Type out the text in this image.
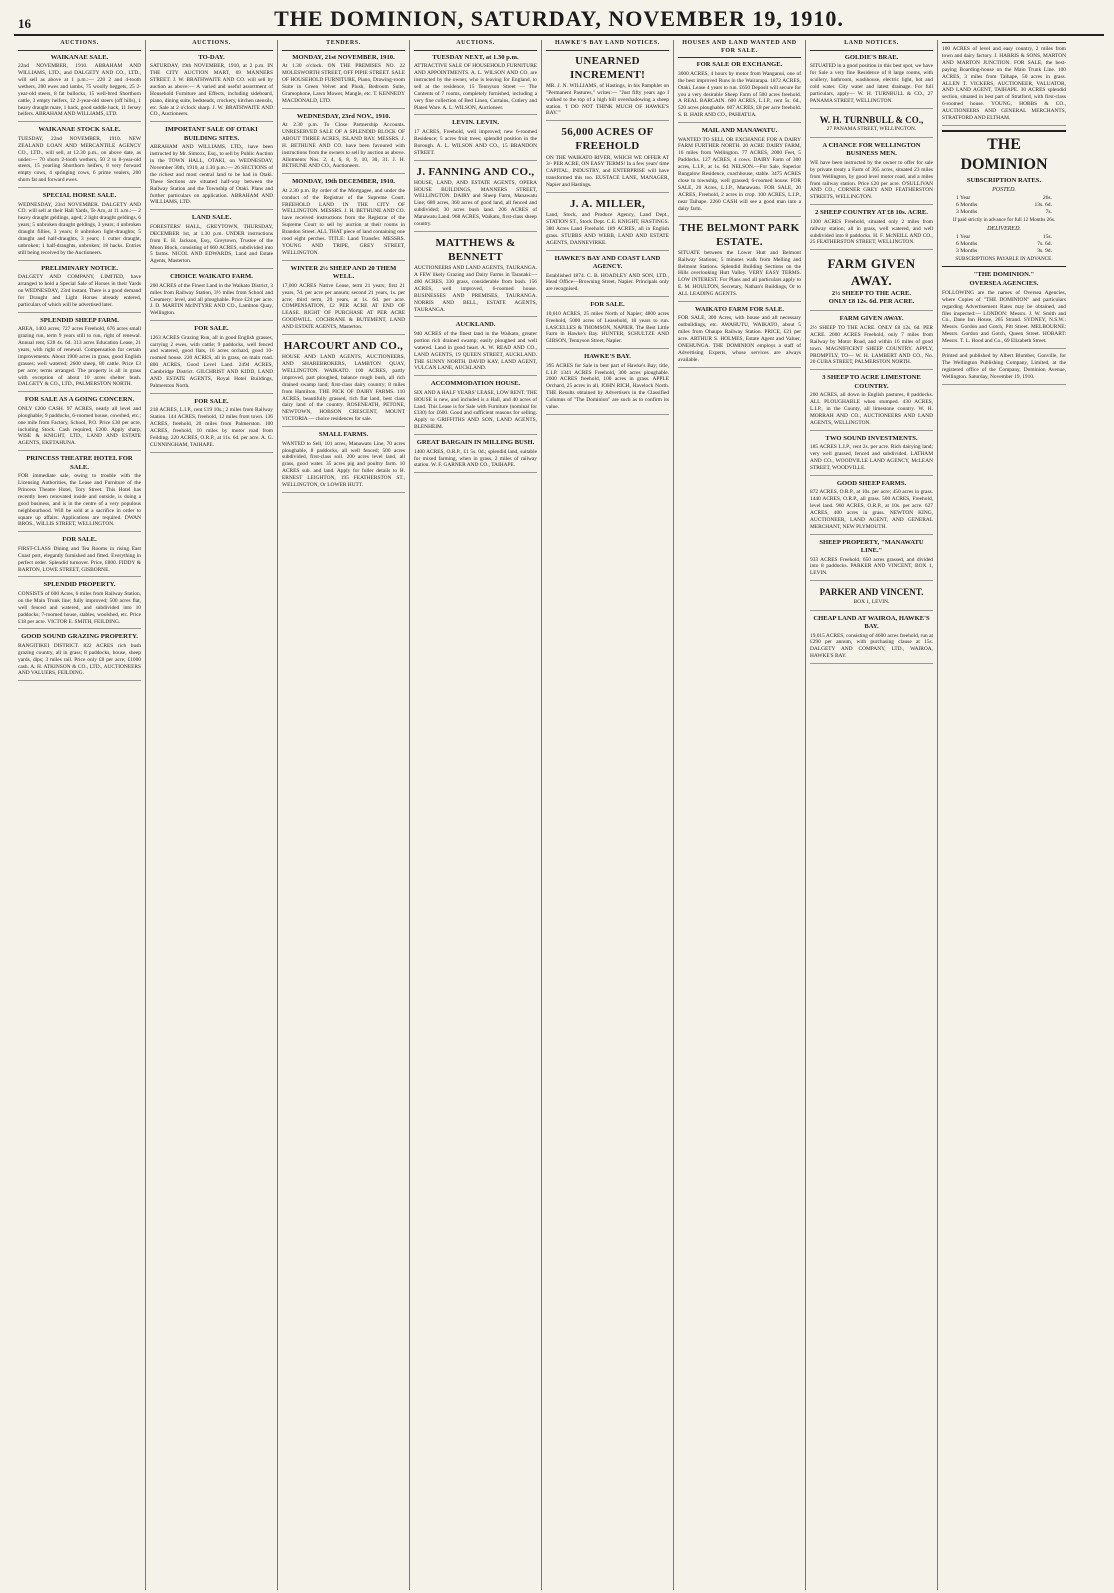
16	THE DOMINION, SATURDAY, NOVEMBER 19, 1910.
AUCTIONS.
WAIKANAE SALE.

22nd NOVEMBER, 1910. ABRAHAM AND WILLIAMS, LTD., and DALGETY AND CO., LTD., will sell as above at 1 p.m.:— 220 2 and 4-tooth wethers, 200 ewes and lambs, 75 woolly heggets, 25 2-year-old steers, 8 fat bullocks, 15 well-bred Shorthorn cattle, 3 empty heifers, 12 2-year-old steers (off hills), 1 heavy draught mare, 1 hack, good saddle hack, 11 Jersey heifers. ABRAHAM AND WILLIAMS, LTD.

WAIKANAE STOCK SALE.

TUESDAY, 22nd NOVEMBER, 1910. NEW ZEALAND LOAN AND MERCANTILE AGENCY CO., LTD., will sell, at 12.30 p.m., on above date, as under:— 70 shorn 2-tooth wethers, 50 2 to 8-year-old steers, 15 yearling Shorthorn heifers, 8 very forward empty cows, 4 springing cows, 6 prime vealers, 200 shorn fat and forward ewes.

SPECIAL HORSE SALE.

WEDNESDAY, 23rd NOVEMBER. DALGETY AND CO. will sell at their Hall Yards, Te Aro, at 11 a.m.:— 2 heavy draught geldings, aged; 2 light draught geldings, 6 years; 5 unbroken draught geldings, 3 years; 4 unbroken draught fillies, 3 years; 8 unbroken light-draughts; 5 draught and half-draughts, 3 years; 1 cutter draught, unbroken; 1 half-draughts, unbroken; 18 hacks. Entries still being received by the Auctioneers.

PRELIMINARY NOTICE.

DALGETY AND COMPANY, LIMITED, have arranged to hold a Special Sale of Horses in their Yards on WEDNESDAY, 23rd instant. There is a good demand for Draught and Light Horses already entered, particulars of which will be advertised later.

SPLENDID SHEEP FARM.

AREA, 1403 acres; 727 acres Freehold, 676 acres small grazing run, term 9 years still to run, right of renewal. Annual rent, £28 4s. 6d. 313 acres Education Lease, 21 years, with right of renewal. Compensation for certain improvements. About 1900 acres in grass, good English grasses; well watered; 2600 sheep, 80 cattle. Price £3 per acre; terms arranged. The property is all in grass with exception of about 10 acres shelter bush. DALGETY & CO., LTD., PALMERSTON NORTH.

FOR SALE AS A GOING CONCERN.

ONLY £200 CASH. 97 ACRES, nearly all level and ploughable; 9 paddocks, 6-roomed house, cowshed, etc.; one mile from Factory, School, P.O. Price £30 per acre, including Stock. Cash required, £200. Apply sharp, WISE & KNIGHT, LTD., LAND AND ESTATE AGENTS, EKETAHUNA.

PRINCESS THEATRE HOTEL FOR SALE.

FOR immediate sale, owing to trouble with the Licensing Authorities, the Lease and Furniture of the Princess Theatre Hotel, Tory Street. This Hotel has recently been renovated inside and outside, is doing a good business, and is in the centre of a very populous neighbourhood. Will be sold at a sacrifice in order to square up affairs. Applications are required. DWAN BROS., WILLIS STREET, WELLINGTON.

FOR SALE.

FIRST-CLASS Dining and Tea Rooms in rising East Coast port, elegantly furnished and fitted. Everything in perfect order. Splendid turnover. Price, £800. FIDDY & BARTON, LOWE STREET, GISBORNE.

SPLENDID PROPERTY.

CONSISTS of 600 Acres, 6 miles from Railway Station, on the Main Trunk line; fully improved; 500 acres flat, well fenced and watered, and subdivided into 10 paddocks; 7-roomed house, stables, woolshed, etc. Price £18 per acre. VICTOR E. SMITH, FEILDING.

GOOD SOUND GRAZING PROPERTY.

RANGITIKEI DISTRICT. 822 ACRES rich bush grazing country, all in grass; 8 paddocks, house, sheep yards, dips; 3 miles rail. Price only £8 per acre; £1000 cash. A. H. ATKINSON & CO., LTD., AUCTIONEERS AND VALUERS, FEILDING.

AUCTIONS.
TO-DAY.

SATURDAY, 19th NOVEMBER, 1910, at 2 p.m. IN THE CITY AUCTION MART, 69 MANNERS STREET. J. W. BRATHWAITE AND CO. will sell by auction as above:— A varied and useful assortment of Household Furniture and Effects, including sideboard, piano, dining suite, bedsteads, crockery, kitchen utensils, etc. Sale at 2 o'clock sharp. J. W. BRATHWAITE AND CO., Auctioneers.

IMPORTANT SALE OF OTAKI BUILDING SITES.

ABRAHAM AND WILLIAMS, LTD., have been instructed by Mr. Simcox, Esq., to sell by Public Auction in the TOWN HALL, OTAKI, on WEDNESDAY, November 30th, 1910, at 1.30 p.m.:— 26 SECTIONS of the richest and most central land to be had in Otaki. These Sections are situated half-way between the Railway Station and the Township of Otaki. Plans and further particulars on application. ABRAHAM AND WILLIAMS, LTD.

LAND SALE.

FORESTERS' HALL, GREYTOWN, THURSDAY, DECEMBER 1st, at 1.30 p.m. UNDER instructions from E. H. Jackson, Esq., Greytown, Trustee of the Moon Block, consisting of 660 ACRES, subdivided into 5 farms. NICOL AND EDWARDS, Land and Estate Agents, Masterton.

CHOICE WAIKATO FARM.

200 ACRES of the Finest Land in the Waikato District, 3 miles from Railway Station, 3½ miles from School and Creamery; level, and all ploughable. Price £24 per acre. J. D. MARTIN McINTYRE AND CO., Lambton Quay, Wellington.

FOR SALE.

1263 ACRES Grazing Run, all in good English grasses, carrying 2 ewes, with cattle; 9 paddocks, well fenced and watered, good flats, 16 acres orchard, good 10-roomed house. 220 ACRES, all in grass, on main road. 800 ACRES, Good Level Land. 2494 ACRES, Cambridge District. GILCHRIST AND KIDD, LAND AND ESTATE AGENTS, Royal Hotel Buildings, Palmerston North.

FOR SALE.

218 ACRES, L.I.P., rent £19 10s.; 2 miles from Railway Station. 144 ACRES, freehold, 12 miles from town. 136 ACRES, freehold, 20 miles from Palmerston. 100 ACRES, freehold, 10 miles by motor road from Feilding. 220 ACRES, O.R.P., at 11s. 6d. per acre. A. G. CUNNINGHAM, TAIHAPE.

TENDERS.
MONDAY, 21st NOVEMBER, 1910.

At 1.30 o'clock. ON THE PREMISES NO. 22 MOLESWORTH STREET, OFF PIPIE STREET. SALE OF HOUSEHOLD FURNITURE, Piano, Drawing-room Suite in Green Velvet and Plush, Bedroom Suite, Gramophone, Lawn Mower, Mangle, etc. T. KENNEDY MACDONALD, LTD.

WEDNESDAY, 23rd NOV., 1910.

At 2.30 p.m. To Close Partnership Accounts. UNRESERVED SALE OF A SPLENDID BLOCK OF ABOUT THREE ACRES, ISLAND BAY. MESSRS. J. H. BETHUNE AND CO. have been favoured with instructions from the owners to sell by auction as above. Allotments Nos. 2, 4, 6, 8, 9, 10, 30, 31. J. H. BETHUNE AND CO., Auctioneers.

MONDAY, 19th DECEMBER, 1910.

At 2.30 p.m. By order of the Mortgagee, and under the conduct of the Registrar of the Supreme Court. FREEHOLD LAND IN THE CITY OF WELLINGTON. MESSRS. J. H. BETHUNE AND CO. have received instructions from the Registrar of the Supreme Court to sell by auction at their rooms in Brandon Street. ALL THAT piece of land containing one rood eight perches. TITLE: Land Transfer. MESSRS. YOUNG AND TRIPE, GREY STREET, WELLINGTON.

WINTER 2½ SHEEP AND 20 THEM WELL.

17,000 ACRES Native Lease, term 21 years; first 21 years, 7d. per acre per annum; second 21 years, 1s. per acre; third term, 20 years, at 1s. 6d. per acre. COMPENSATION, £2 PER ACRE AT END OF LEASE. RIGHT OF PURCHASE AT PER ACRE GOODWILL. COCHRANE & BUTEMENT, LAND AND ESTATE AGENTS, Masterton.

HARCOURT AND CO.,

HOUSE AND LAND AGENTS, AUCTIONEERS, AND SHAREBROKERS, LAMBTON QUAY, WELLINGTON. WAIKATO. 100 ACRES, partly improved, part ploughed, balance rough bush, all rich drained swamp land; first-class dairy country; 8 miles from Hamilton. THE PICK OF DAIRY FARMS. 110 ACRES, beautifully grassed, rich flat land, best class dairy land of the country. ROSENEATH, PETONE, NEWTOWN, HOBSON CRESCENT, MOUNT VICTORIA — choice residences for sale.

SMALL FARMS.

WANTED to Sell, 101 acres, Manawatu Line, 70 acres ploughable, 8 paddocks, all well fenced; 500 acres subdivided, first-class soil. 200 acres level land, all grass, good water. 35 acres pig and poultry farm. 10 ACRES sub. and land. Apply for fuller details to H. ERNEST LEIGHTON, 195 FEATHERSTON ST., WELLINGTON, Or LOWER HUTT.

AUCTIONS.
TUESDAY NEXT, at 1.30 p.m.

ATTRACTIVE SALE OF HOUSEHOLD FURNITURE AND APPOINTMENTS. A. L. WILSON AND CO. are instructed by the owner, who is leaving for England, to sell at the residence, 15 Tennyson Street — The Contents of 7 rooms, completely furnished, including a very fine collection of Bed Linen, Curtains, Cutlery and Plated Ware. A. L. WILSON, Auctioneer.

LEVIN. LEVIN.

17 ACRES, Freehold, well improved; new 6-roomed Residence; 5 acres fruit trees; splendid position in the Borough. A. L. WILSON AND CO., 15 BRANDON STREET.

J. FANNING AND CO.,

HOUSE, LAND, AND ESTATE AGENTS, OPERA HOUSE BUILDINGS, MANNERS STREET, WELLINGTON. DAIRY and Sheep Farm, Manawatu Line; 680 acres, 360 acres of good land, all fenced and subdivided; 30 acres bush land. 206 ACRES of Manawatu Land. 968 ACRES, Waikato, first-class sheep country.

MATTHEWS & BENNETT

AUCTIONEERS AND LAND AGENTS, TAURANGA. A FEW likely Grazing and Dairy Farms in Taranaki:— 460 ACRES, 330 grass, considerable from bush. 156 ACRES, well improved, 6-roomed house. BUSINESSES AND PREMISES, TAURANGA. NORRIS AND BELL, ESTATE AGENTS, TAURANGA.

AUCKLAND.

940 ACRES of the finest land in the Waikato, greater portion rich drained swamp; easily ploughed and well watered. Land in good heart. A. W. READ AND CO., LAND AGENTS, 19 QUEEN STREET, AUCKLAND. THE SUNNY NORTH. DAVID KAY, LAND AGENT, VULCAN LANE, AUCKLAND.

ACCOMMODATION HOUSE.

SIX AND A HALF YEARS' LEASE, LOW RENT. THE HOUSE is new, and included is a Hall, and 40 acres of Land. This Lease is for Sale with Furniture (nominal for £330) for £600. Good and sufficient reasons for selling. Apply to GRIFFITHS AND SON, LAND AGENTS, BLENHEIM.

GREAT BARGAIN IN MILLING BUSH.

1400 ACRES, O.R.P., £1 5s. 0d.; splendid land, suitable for mixed farming, when in grass, 2 miles of railway station. W. F. GARNER AND CO., TAIHAPE.

HAWKE'S BAY LAND NOTICES.
UNEARNED INCREMENT!

MR. J. N. WILLIAMS, of Hastings, in his Pamphlet on "Permanent Pastures," writes:— "Just fifty years ago I walked to the top of a high hill overshadowing a sheep station. 'I DO NOT THINK MUCH OF HAWKE'S BAY.'"

56,000 ACRES OF FREEHOLD

ON THE WAIKATO RIVER, WHICH WE OFFER AT 3/- PER ACRE, ON EASY TERMS! In a few years' time CAPITAL, INDUSTRY, and ENTERPRISE will have transformed this too. EUSTACE LANE, MANAGER, Napier and Hastings.

J. A. MILLER,

Land, Stock, and Produce Agency, Land Dept., STATION ST., Stock Dept. C.E. KNIGHT, HASTINGS. 380 Acres Land Freehold. 189 ACRES, all in English grass. STUBBS AND WEBB, LAND AND ESTATE AGENTS, DANNEVIRKE.

HAWKE'S BAY AND COAST LAND AGENCY.

Established 1874. C. B. HOADLEY AND SON, LTD., Head Office—Browning Street, Napier. Principals only are recognised.

FOR SALE.

10,610 ACRES, 25 miles North of Napier; 4800 acres Freehold, 5000 acres of Leasehold, 18 years to run. LASCELLES & THOMSON, NAPIER. The Best Little Farm in Hawke's Bay. HUNTER, SCHULTZE AND GIBSON, Tennyson Street, Napier.

HAWKE'S BAY.

395 ACRES for Sale in best part of Hawke's Bay; title, L.I.P. 1341 ACRES Freehold, 300 acres ploughable. 2000 ACRES freehold, 100 acres in grass. APPLE Orchard, 25 acres in all. JOHN RICH, Havelock North. THE Results obtained by Advertisers in the Classified Columns of "The Dominion" are such as to confirm its value.

HOUSES AND LAND WANTED AND FOR SALE.
FOR SALE OR EXCHANGE.

3000 ACRES, 4 hours by motor from Wanganui, one of the best improved Runs in the Wairarapa. 1872 ACRES, Otaki. Lease 4 years to run. £650 Deposit will secure for you a very desirable Sheep Farm of 500 acres freehold. A REAL BARGAIN. 600 ACRES, L.I.P., rent 5s. 6d., 520 acres ploughable. 607 ACRES, £8 per acre freehold. S. B. HAIR AND CO., PAHIATUA.

MAIL AND MANAWATU.

WANTED TO SELL OR EXCHANGE FOR A DAIRY FARM FURTHER NORTH. 20 ACRE DAIRY FARM, 16 miles from Wellington. 77 ACRES, 2000 Feet, 5 Paddocks. 127 ACRES, 4 cows. DAIRY Farm of 300 acres, L.I.P., at 1s. 6d. NELSON.—For Sale, Superior Bungalow Residence, coachhouse, stable. 3475 ACRES close to township, well grassed; 6-roomed house. FOR SALE, 20 Acres, L.I.P., Manawatu. FOR SALE, 20 ACRES, Freehold, 2 acres in crop. 100 ACRES, L.I.P., near Taihape. 2260 CASH will see a good man into a dairy farm.

THE BELMONT PARK ESTATE.

SITUATE between the Lower Hutt and Belmont Railway Stations; 5 minutes walk from Melling and Belmont Stations. Splendid Building Sections on the Hills overlooking Hutt Valley. VERY EASY TERMS. LOW INTEREST. For Plans and all particulars apply to E. M. HOULTON, Secretary, Nathan's Buildings, Or to ALL LEADING AGENTS.

WAIKATO FARM FOR SALE.

FOR SALE, 300 Acres, with house and all necessary outbuildings, etc. AWAHUTU, WAIKATO, about 5 miles from Ohaupo Railway Station. PRICE, £21 per acre. ARTHUR S. HOLMES, Estate Agent and Valuer, ONEHUNGA. THE DOMINION employs a staff of Advertising Experts, whose services are always available.

LAND NOTICES.
GOLDIE'S BRAE.

SITUATED in a good position in this best spot, we have for Sale a very fine Residence of 8 large rooms, with scullery, bathroom, washhouse, electric light, hot and cold water. City water and latest drainage. For full particulars, apply— W. H. TURNBULL & CO., 27 PANAMA STREET, WELLINGTON.

W. H. TURNBULL & CO.,
27 PANAMA STREET, WELLINGTON.
A CHANCE FOR WELLINGTON BUSINESS MEN.

WE have been instructed by the owner to offer for sale by private treaty a Farm of 365 acres, situated 23 miles from Wellington, by good level motor road, and a miles from railway station. Price £20 per acre. O'SULLIVAN AND CO., CORNER GREY AND FEATHERSTON STREETS, WELLINGTON.

2 SHEEP COUNTRY AT £8 10s. ACRE.

1300 ACRES Freehold, situated only 2 miles from railway station; all in grass, well watered, and well subdivided into 8 paddocks. H. F. McNEILL AND CO., 25 FEATHERSTON STREET, WELLINGTON.

FARM GIVEN AWAY.
2½ SHEEP TO THE ACRE.
ONLY £8 12s. 6d. PER ACRE.
FARM GIVEN AWAY.

2½ SHEEP TO THE ACRE. ONLY £8 12s. 6d. PER ACRE. 2000 ACRES Freehold, only 7 miles from Railway by Motor Road, and within 16 miles of good town. MAGNIFICENT SHEEP COUNTRY. APPLY, PROMPTLY, TO— W. H. LAMBERT AND CO., No. 20 CUBA STREET, PALMERSTON NORTH.

3 SHEEP TO ACRE LIMESTONE COUNTRY.

200 ACRES, all down in English pastures, 8 paddocks. ALL PLOUGHABLE when stumped. 430 ACRES, L.I.P., in the County, all limestone country. W. H. MORRAH AND CO., AUCTIONEERS AND LAND AGENTS, WELLINGTON.

TWO SOUND INVESTMENTS.

185 ACRES L.I.P., rent 2s. per acre. Rich dairying land; very well grassed, fenced and subdivided. LATHAM AND CO., WOODVILLE LAND AGENCY, McLEAN STREET, WOODVILLE.

GOOD SHEEP FARMS.

872 ACRES, O.R.P., at 10s. per acre; 450 acres in grass. 1440 ACRES, O.R.P., all grass. 500 ACRES, Freehold, level land. 960 ACRES, O.R.P., at 10s. per acre. 627 ACRES, 400 acres in grass. NEWTON KING, AUCTIONEER, LAND AGENT, AND GENERAL MERCHANT, NEW PLYMOUTH.

SHEEP PROPERTY, "MANAWATU LINE."

933 ACRES Freehold, 650 acres grassed, and divided into 8 paddocks. PARKER AND VINCENT, BOX 1, LEVIN.

PARKER AND VINCENT.
BOX 1, LEVIN.
CHEAP LAND AT WAIROA, HAWKE'S BAY.

19,015 ACRES, consisting of 4600 acres freehold, run at £290 per annum, with purchasing clause at 15s. DALGETY AND COMPANY, LTD., WAIROA, HAWKE'S BAY.

100 ACRES of level and easy country, 2 miles from town and dairy factory. J. HARRIS & SONS, MARTON AND MARTON JUNCTION. FOR SALE, the best-paying Boarding-house on the Main Trunk Line. 100 ACRES, 3 miles from Taihape, 50 acres in grass. ALLEN T. VICKERS, AUCTIONEER, VALUATOR, AND LAND AGENT, TAIHAPE. 30 ACRES splendid section, situated in best part of Stratford, with first-class 6-roomed house. YOUNG, HOBBS & CO., AUCTIONEERS AND GENERAL MERCHANTS, STRATFORD AND ELTHAM.

THE DOMINION
SUBSCRIPTION RATES.
POSTED.
1 Year	26s.
6 Months	13s. 6d.
3 Months	7s.
If paid strictly in advance for full 12 Months 26s.
DELIVERED.
1 Year	15s.
6 Months	7s. 6d.
3 Months	3s. 9d.
SUBSCRIPTIONS PAYABLE IN ADVANCE.
"THE DOMINION."
OVERSEA AGENCIES.

FOLLOWING are the names of Oversea Agencies, where Copies of "THE DOMINION" and particulars regarding Advertisement Rates may be obtained, and files inspected:— LONDON: Messrs. J. W. Smith and Co., Dane Inn House, 265 Strand. SYDNEY, N.S.W.: Messrs. Gordon and Gotch, Pitt Street. MELBOURNE: Messrs. Gordon and Gotch, Queen Street. HOBART: Messrs. T. L. Hood and Co., 69 Elizabeth Street.

Printed and published by Albert Blumber, Gonville, for The Wellington Publishing Company, Limited, at the registered office of the Company, Dominion Avenue, Wellington. Saturday, November 19, 1910.
